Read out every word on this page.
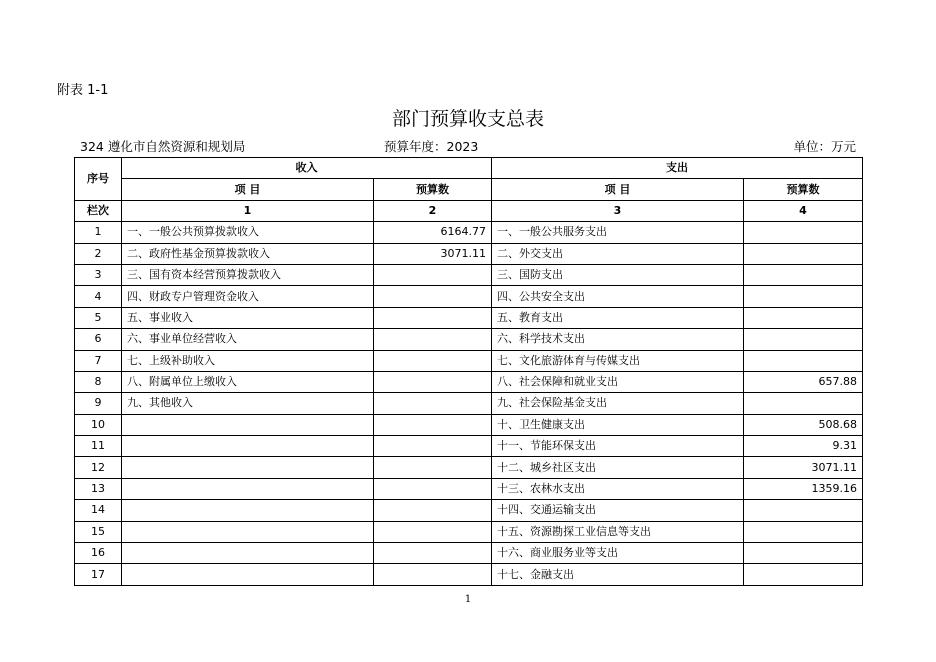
附表 1-1
部门预算收支总表
324 遵化市自然资源和规划局	预算年度：2023	单位：万元
序号	收入		支出	
	项 目	预算数	项 目	预算数
栏次	1	2	3	4
1	一、一般公共预算拨款收入	6164.77	一、一般公共服务支出	
2	二、政府性基金预算拨款收入	3071.11	二、外交支出	
3	三、国有资本经营预算拨款收入		三、国防支出	
4	四、财政专户管理资金收入		四、公共安全支出	
5	五、事业收入		五、教育支出	
6	六、事业单位经营收入		六、科学技术支出	
7	七、上级补助收入		七、文化旅游体育与传媒支出	
8	八、附属单位上缴收入		八、社会保障和就业支出	657.88
9	九、其他收入		九、社会保险基金支出	
10			十、卫生健康支出	508.68
11			十一、节能环保支出	9.31
12			十二、城乡社区支出	3071.11
13			十三、农林水支出	1359.16
14			十四、交通运输支出	
15			十五、资源勘探工业信息等支出	
16			十六、商业服务业等支出	
17			十七、金融支出	
1
